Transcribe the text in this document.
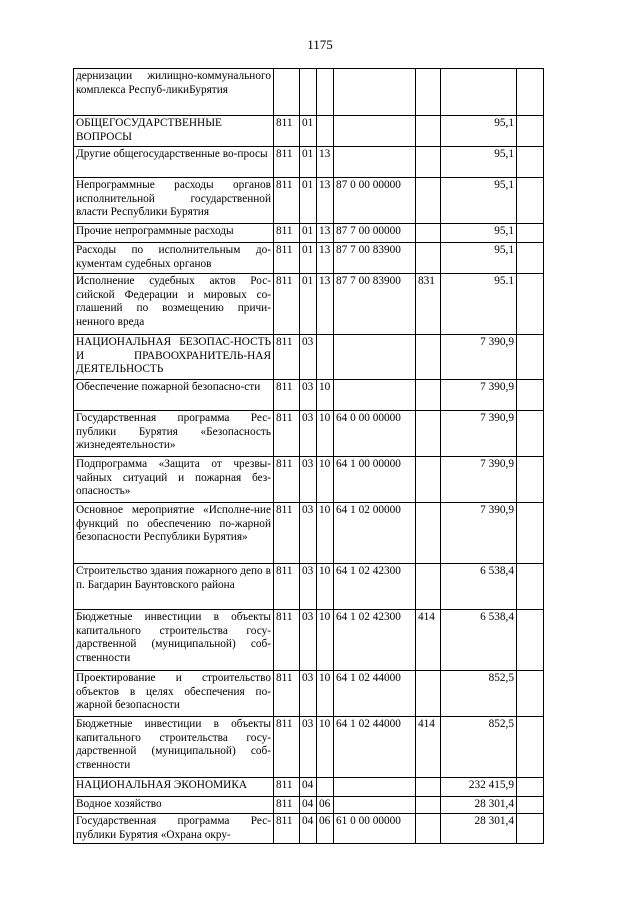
1175
дернизации жилищно-коммунального комплекса Респуб-ликиБурятия							
ОБЩЕГОСУДАРСТВЕННЫЕ ВОПРОСЫ	811	01				95,1	
Другие общегосударственные во-просы	811	01	13			95,1	
Непрограммные расходы органов исполнительной государственной власти Республики Бурятия	811	01	13	87 0 00 00000		95,1	
Прочие непрограммные расходы	811	01	13	87 7 00 00000		95,1	
Расходы по исполнительным до-кументам судебных органов	811	01	13	87 7 00 83900		95,1	
Исполнение судебных актов Рос-сийской Федерации и мировых со-глашений по возмещению причи-ненного вреда	811	01	13	87 7 00 83900	831	95.1	
НАЦИОНАЛЬНАЯ БЕЗОПАС-НОСТЬ И ПРАВООХРАНИТЕЛЬ-НАЯ ДЕЯТЕЛЬНОСТЬ	811	03				7 390,9	
Обеспечение пожарной безопасно-сти	811	03	10			7 390,9	
Государственная программа Рес-публики Бурятия «Безопасность жизнедеятельности»	811	03	10	64 0 00 00000		7 390,9	
Подпрограмма «Защита от чрезвы-чайных ситуаций и пожарная без-опасность»	811	03	10	64 1 00 00000		7 390,9	
Основное мероприятие «Исполне-ние функций по обеспечению по-жарной безопасности Республики Бурятия»	811	03	10	64 1 02 00000		7 390,9	
Строительство здания пожарного депо в п. Багдарин Баунтовского района	811	03	10	64 1 02 42300		6 538,4	
Бюджетные инвестиции в объекты капитального строительства госу-дарственной (муниципальной) соб-ственности	811	03	10	64 1 02 42300	414	6 538,4	
Проектирование и строительство объектов в целях обеспечения по-жарной безопасности	811	03	10	64 1 02 44000		852,5	
Бюджетные инвестиции в объекты капитального строительства госу-дарственной (муниципальной) соб-ственности	811	03	10	64 1 02 44000	414	852,5	
НАЦИОНАЛЬНАЯ ЭКОНОМИКА	811	04				232 415,9	
Водное хозяйство	811	04	06			28 301,4	
Государственная программа Рес-публики Бурятия «Охрана окру-	811	04	06	61 0 00 00000		28 301,4	
